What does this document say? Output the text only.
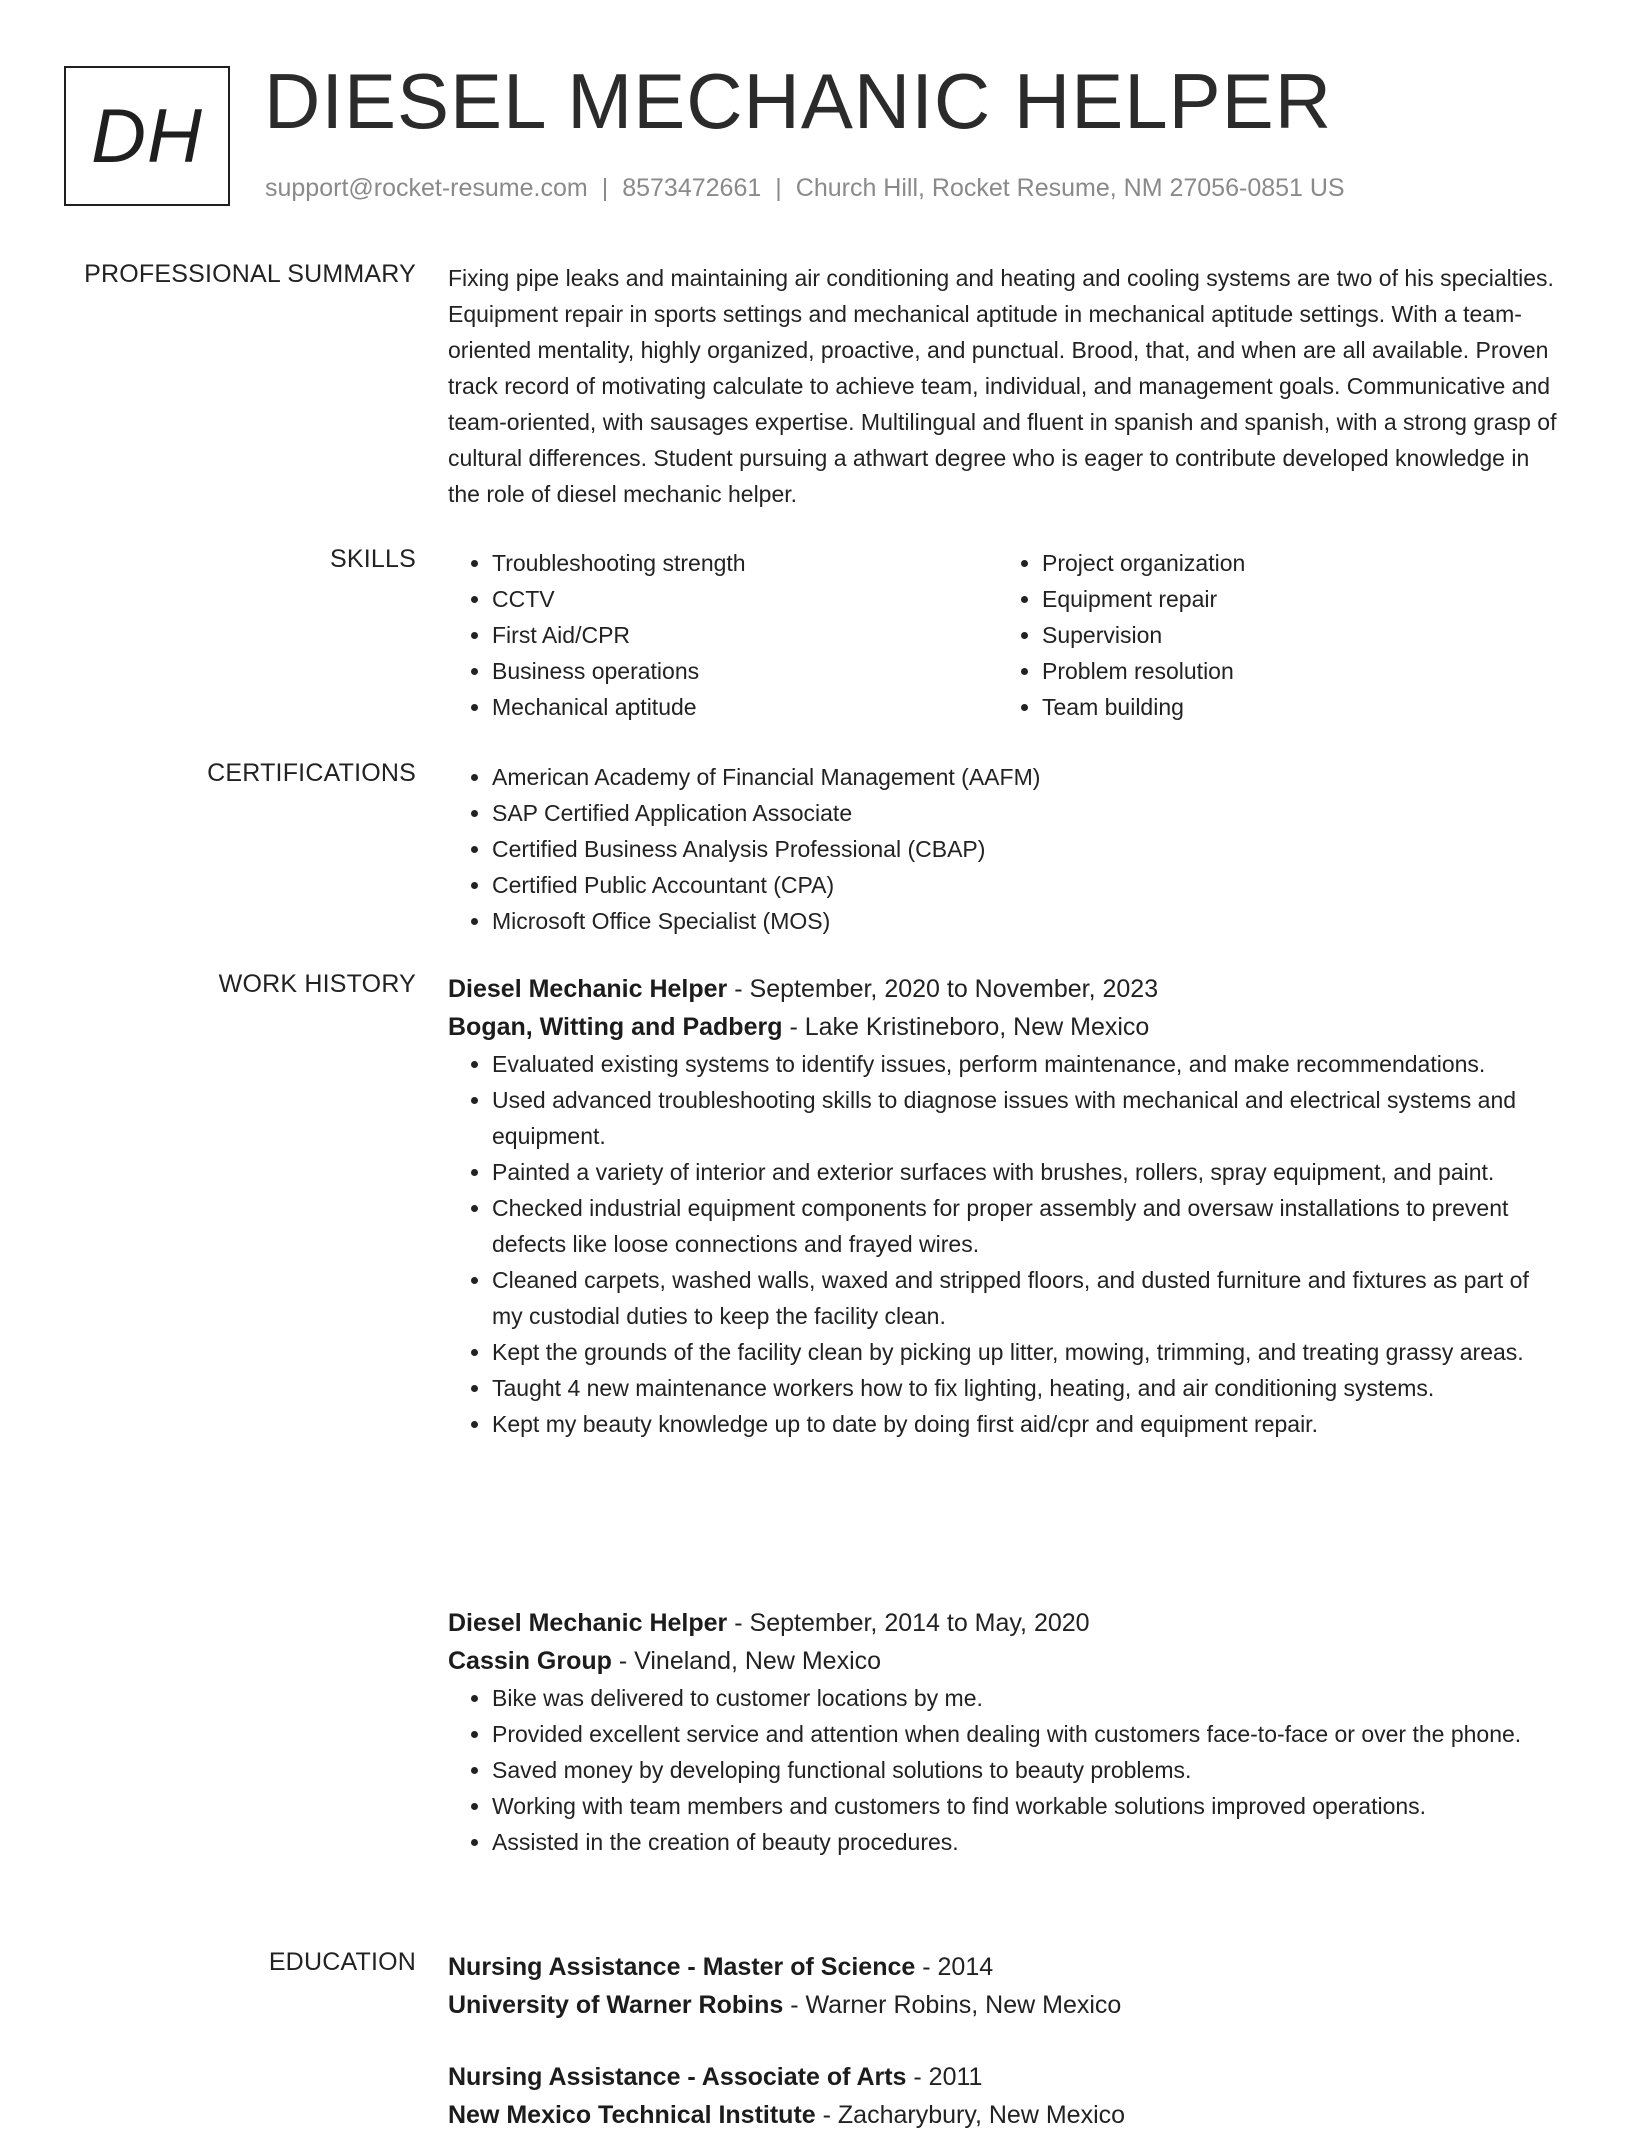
DH DIESEL MECHANIC HELPER
support@rocket-resume.com | 8573472661 | Church Hill, Rocket Resume, NM 27056-0851 US
PROFESSIONAL SUMMARY Fixing pipe leaks and maintaining air conditioning and heating and cooling systems are two of his specialties. Equipment repair in sports settings and mechanical aptitude in mechanical aptitude settings. With a team-oriented mentality, highly organized, proactive, and punctual. Brood, that, and when are all available. Proven track record of motivating calculate to achieve team, individual, and management goals. Communicative and team-oriented, with sausages expertise. Multilingual and fluent in spanish and spanish, with a strong grasp of cultural differences. Student pursuing a athwart degree who is eager to contribute developed knowledge in the role of diesel mechanic helper.

SKILLS	• Troubleshooting strength
• CCTV
• First Aid/CPR
• Business operations
• Mechanical aptitude
• Project organization
• Equipment repair
• Supervision
• Problem resolution
• Team building
CERTIFICATIONS	• American Academy of Financial Management (AAFM)
• SAP Certified Application Associate
• Certified Business Analysis Professional (CBAP)
• Certified Public Accountant (CPA)
• Microsoft Office Specialist (MOS)
WORK HISTORY Diesel Mechanic Helper - September, 2020 to November, 2023
Bogan, Witting and Padberg - Lake Kristineboro, New Mexico
• Evaluated existing systems to identify issues, perform maintenance, and make recommendations.
• Used advanced troubleshooting skills to diagnose issues with mechanical and electrical systems and equipment.
• Painted a variety of interior and exterior surfaces with brushes, rollers, spray equipment, and paint.
• Checked industrial equipment components for proper assembly and oversaw installations to prevent defects like loose connections and frayed wires.
• Cleaned carpets, washed walls, waxed and stripped floors, and dusted furniture and fixtures as part of my custodial duties to keep the facility clean.
• Kept the grounds of the facility clean by picking up litter, mowing, trimming, and treating grassy areas.
• Taught 4 new maintenance workers how to fix lighting, heating, and air conditioning systems.
• Kept my beauty knowledge up to date by doing first aid/cpr and equipment repair.
Diesel Mechanic Helper - September, 2014 to May, 2020
Cassin Group - Vineland, New Mexico
• Bike was delivered to customer locations by me.
• Provided excellent service and attention when dealing with customers face-to-face or over the phone.
• Saved money by developing functional solutions to beauty problems.
• Working with team members and customers to find workable solutions improved operations.
• Assisted in the creation of beauty procedures.
EDUCATION Nursing Assistance - Master of Science - 2014
University of Warner Robins - Warner Robins, New Mexico
Nursing Assistance - Associate of Arts - 2011
New Mexico Technical Institute - Zacharybury, New Mexico
